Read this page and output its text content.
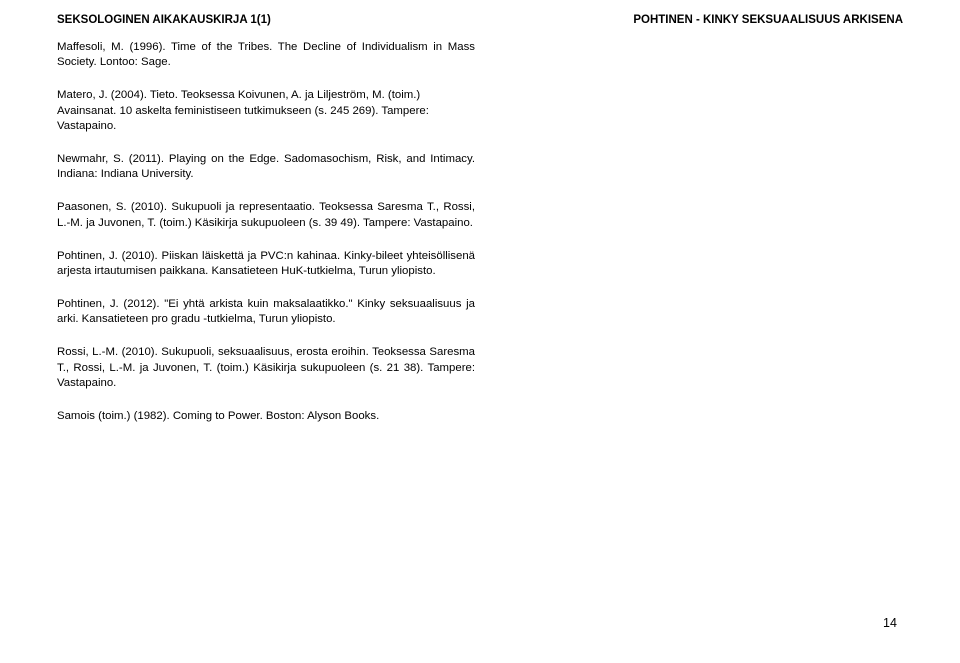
SEKSOLOGINEN AIKAKAUSKIRJA 1(1)	POHTINEN - KINKY SEKSUAALISUUS ARKISENA

Maffesoli, M. (1996). Time of the Tribes. The Decline of Individualism in Mass Society. Lontoo: Sage.

Matero, J. (2004). Tieto. Teoksessa Koivunen, A. ja Liljeström, M. (toim.) Avainsanat. 10 askelta feministiseen tutkimukseen (s. 245 269). Tampere: Vastapaino.

Newmahr, S. (2011). Playing on the Edge. Sadomasochism, Risk, and Intimacy. Indiana: Indiana University.

Paasonen, S. (2010). Sukupuoli ja representaatio. Teoksessa Saresma T., Rossi, L.-M. ja Juvonen, T. (toim.) Käsikirja sukupuoleen (s. 39 49). Tampere: Vastapaino.

Pohtinen, J. (2010). Piiskan läiskettä ja PVC:n kahinaa. Kinky-bileet yhteisöllisenä arjesta irtautumisen paikkana. Kansatieteen HuK-tutkielma, Turun yliopisto.

Pohtinen, J. (2012). "Ei yhtä arkista kuin maksalaatikko." Kinky seksuaalisuus ja arki. Kansatieteen pro gradu -tutkielma, Turun yliopisto.

Rossi, L.-M. (2010). Sukupuoli, seksuaalisuus, erosta eroihin. Teoksessa Saresma T., Rossi, L.-M. ja Juvonen, T. (toim.) Käsikirja sukupuoleen (s. 21 38). Tampere: Vastapaino.

Samois (toim.) (1982). Coming to Power. Boston: Alyson Books.

14
